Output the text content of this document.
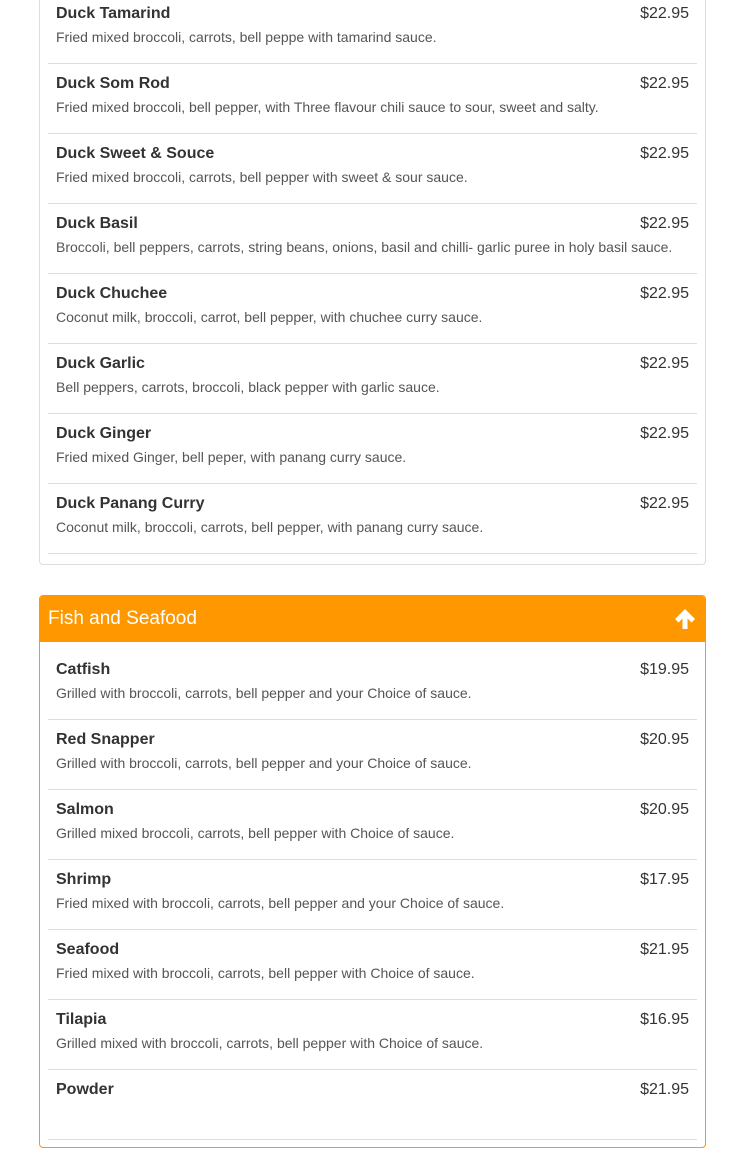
Duck Tamarind	$22.95
Fried mixed broccoli, carrots, bell peppe with tamarind sauce.
Duck Som Rod	$22.95
Fried mixed broccoli, bell pepper, with Three flavour chili sauce to sour, sweet and salty.
Duck Sweet & Souce	$22.95
Fried mixed broccoli, carrots, bell pepper with sweet & sour sauce.
Duck Basil	$22.95
Broccoli, bell peppers, carrots, string beans, onions, basil and chilli- garlic puree in holy basil sauce.
Duck Chuchee	$22.95
Coconut milk, broccoli, carrot, bell pepper, with chuchee curry sauce.
Duck Garlic	$22.95
Bell peppers, carrots, broccoli, black pepper with garlic sauce.
Duck Ginger	$22.95
Fried mixed Ginger, bell peper, with panang curry sauce.
Duck Panang Curry	$22.95
Coconut milk, broccoli, carrots, bell pepper, with panang curry sauce.
Fish and Seafood
Catfish	$19.95
Grilled with broccoli, carrots, bell pepper and your Choice of sauce.
Red Snapper	$20.95
Grilled with broccoli, carrots, bell pepper and your Choice of sauce.
Salmon	$20.95
Grilled mixed broccoli, carrots, bell pepper with Choice of sauce.
Shrimp	$17.95
Fried mixed with broccoli, carrots, bell pepper and your Choice of sauce.
Seafood	$21.95
Fried mixed with broccoli, carrots, bell pepper with Choice of sauce.
Tilapia	$16.95
Grilled mixed with broccoli, carrots, bell pepper with Choice of sauce.
Powder	$21.95
